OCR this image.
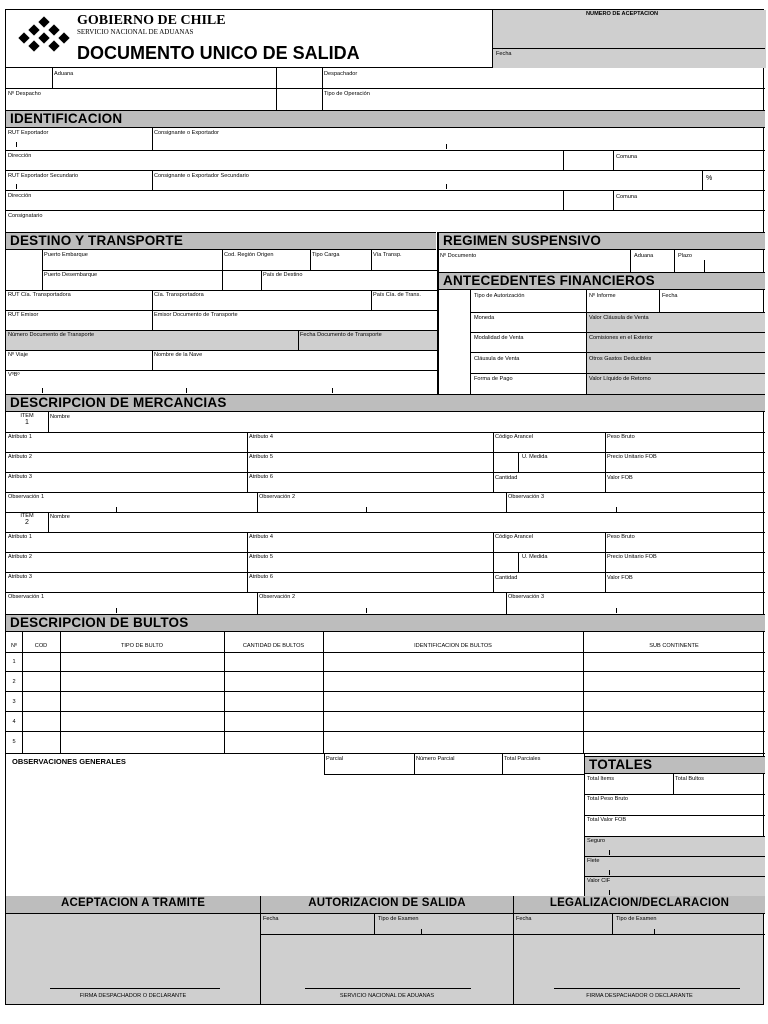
GOBIERNO DE CHILE
SERVICIO NACIONAL DE ADUANAS
DOCUMENTO UNICO DE SALIDA
NUMERO DE ACEPTACION
Fecha
Aduana	Despachador
Nº Despacho	Tipo de Operación
IDENTIFICACION
RUT Exportador	Consignante o Exportador
Dirección	Comuna
RUT Exportador Secundario	Consignante o Exportador Secundario	%
Dirección	Comuna
Consignatario
DESTINO Y TRANSPORTE	REGIMEN SUSPENSIVO
Puerto Embarque	Cod. Región Origen	Tipo Carga	Vía Transp.
Puerto Desembarque	País de Destino
RUT Cía. Transportadora	Cía. Transportadora	País Cía. de Trans.
RUT Emisor	Emisor Documento de Transporte
Número Documento de Transporte	Fecha Documento de Transporte
Nº Viaje	Nombre de la Nave
VºBº
Nº Documento	Aduana	Plazo
ANTECEDENTES FINANCIEROS
Tipo de Autorización	Nº Informe	Fecha
Moneda	Valor Cláusula de Venta
Modalidad de Venta	Comisiones en el Exterior
Cláusula de Venta	Otros Gastos Deducibles
Forma de Pago	Valor Líquido de Retorno
DESCRIPCION DE MERCANCIAS
ITEM
1
Nombre
Atributo 1	Atributo 4	Código Arancel	Peso Bruto
Atributo 2	Atributo 5	U. Medida	Precio Unitario FOB
Atributo 3	Atributo 6	Cantidad	Valor FOB
Observación 1	Observación 2	Observación 3
ITEM
2
Nombre
Atributo 1	Atributo 4	Código Arancel	Peso Bruto
Atributo 2	Atributo 5	U. Medida	Precio Unitario FOB
Atributo 3	Atributo 6	Cantidad	Valor FOB
Observación 1	Observación 2	Observación 3
DESCRIPCION DE BULTOS
Nº	COD	TIPO DE BULTO	CANTIDAD DE BULTOS	IDENTIFICACION DE BULTOS	SUB CONTINENTE
1
2
3
4
5
OBSERVACIONES GENERALES	Parcial	Número Parcial	Total Parciales	TOTALES
Total Items	Total Bultos
Total Peso Bruto
Total Valor FOB
Seguro
Flete
Valor CIF
ACEPTACION A TRAMITE	AUTORIZACION DE SALIDA	LEGALIZACION/DECLARACION
FIRMA DESPACHADOR O DECLARANTE
Fecha	Tipo de Examen
SERVICIO NACIONAL DE ADUANAS
Fecha	Tipo de Examen
FIRMA DESPACHADOR O DECLARANTE
